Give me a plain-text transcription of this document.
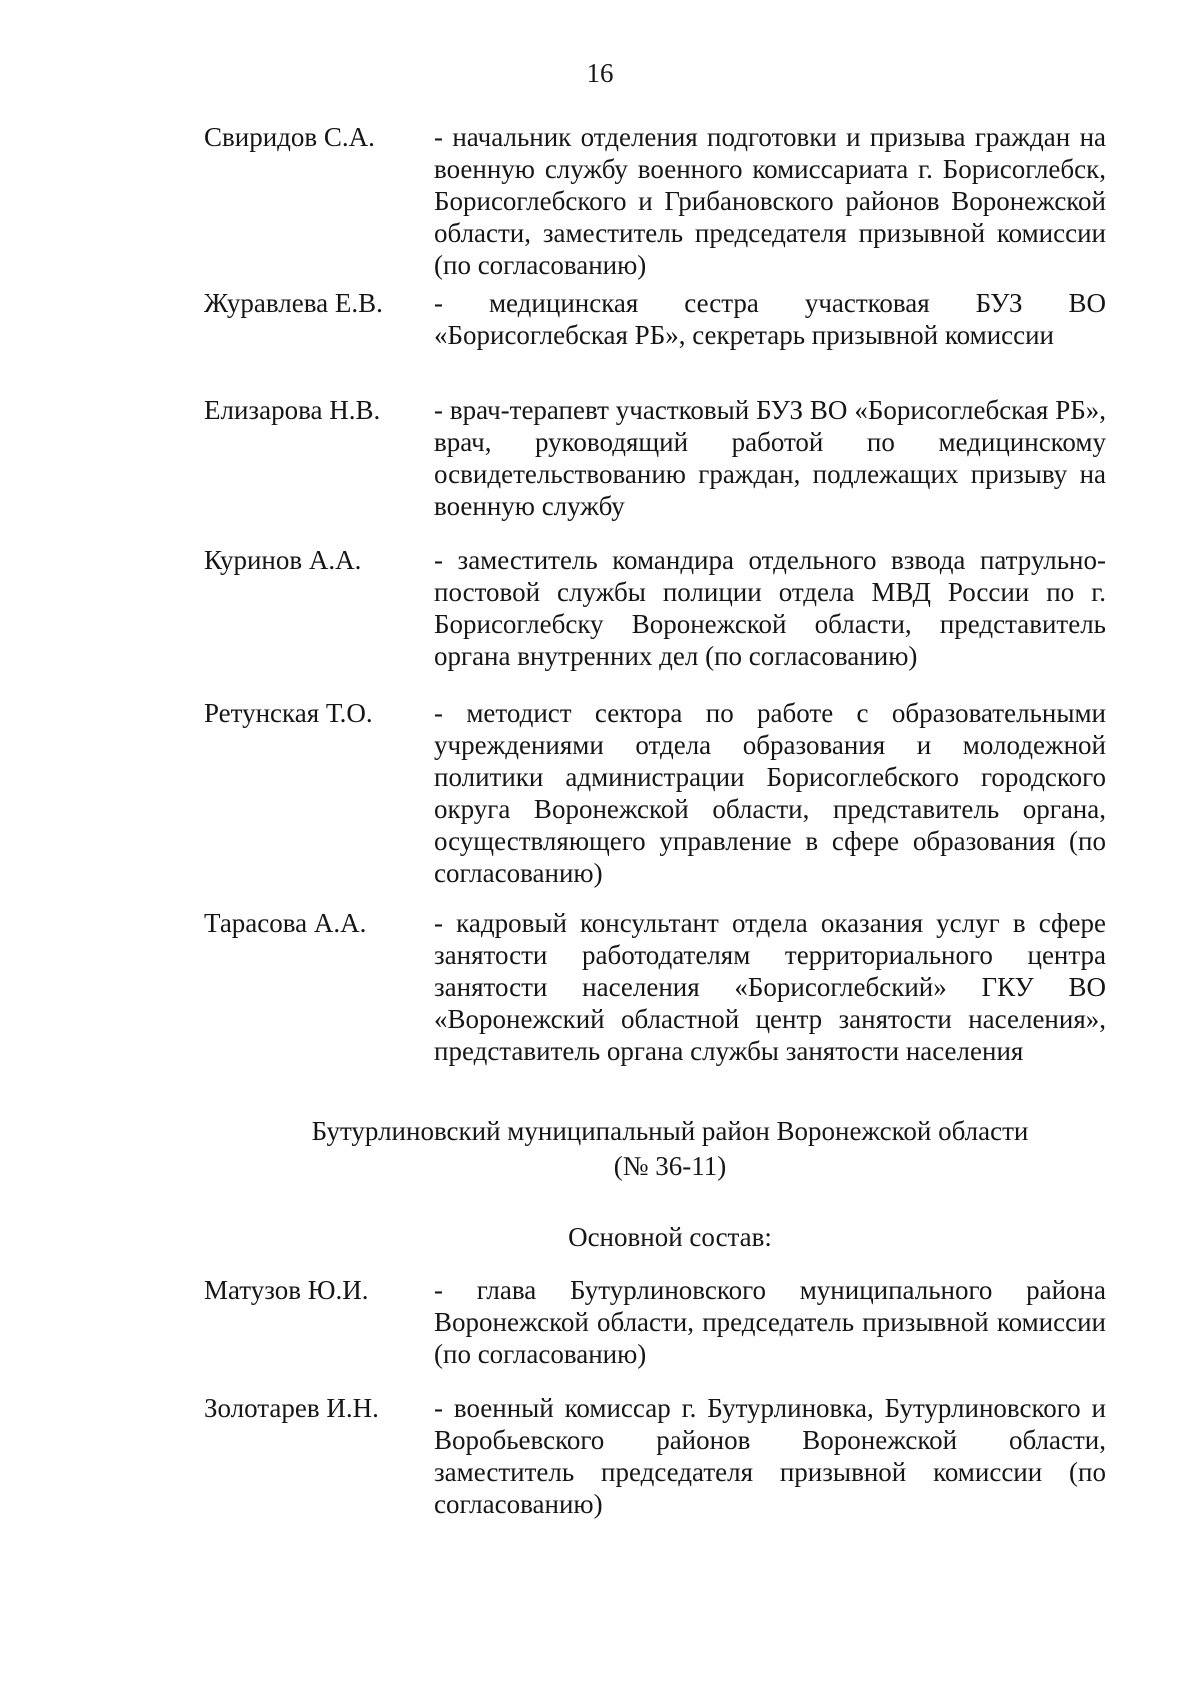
16
Свиридов С.А. - начальник отделения подготовки и призыва граждан на военную службу военного комиссариата г. Борисоглебск, Борисоглебского и Грибановского районов Воронежской области, заместитель председателя призывной комиссии (по согласованию)
Журавлева Е.В. - медицинская сестра участковая БУЗ ВО «Борисоглебская РБ», секретарь призывной комиссии
Елизарова Н.В. - врач-терапевт участковый БУЗ ВО «Борисоглебская РБ», врач, руководящий работой по медицинскому освидетельствованию граждан, подлежащих призыву на военную службу
Куринов А.А.	- заместитель командира отдельного взвода патрульно-постовой службы полиции отдела МВД России по г. Борисоглебску Воронежской области, представитель органа внутренних дел (по согласованию)
Ретунская Т.О. - методист сектора по работе с образовательными учреждениями отдела образования и молодежной политики администрации Борисоглебского городского округа Воронежской области, представитель органа, осуществляющего управление в сфере образования (по согласованию)
Тарасова А.А.	- кадровый консультант отдела оказания услуг в сфере занятости работодателям территориального центра занятости населения «Борисоглебский» ГКУ ВО «Воронежский областной центр занятости населения», представитель органа службы занятости населения
Бутурлиновский муниципальный район Воронежской области
(№ 36-11)
Основной состав:
Матузов Ю.И. - глава Бутурлиновского муниципального района Воронежской области, председатель призывной комиссии (по согласованию)
Золотарев И.Н. - военный комиссар г. Бутурлиновка, Бутурлиновского и Воробьевского районов Воронежской области, заместитель председателя призывной комиссии (по согласованию)
